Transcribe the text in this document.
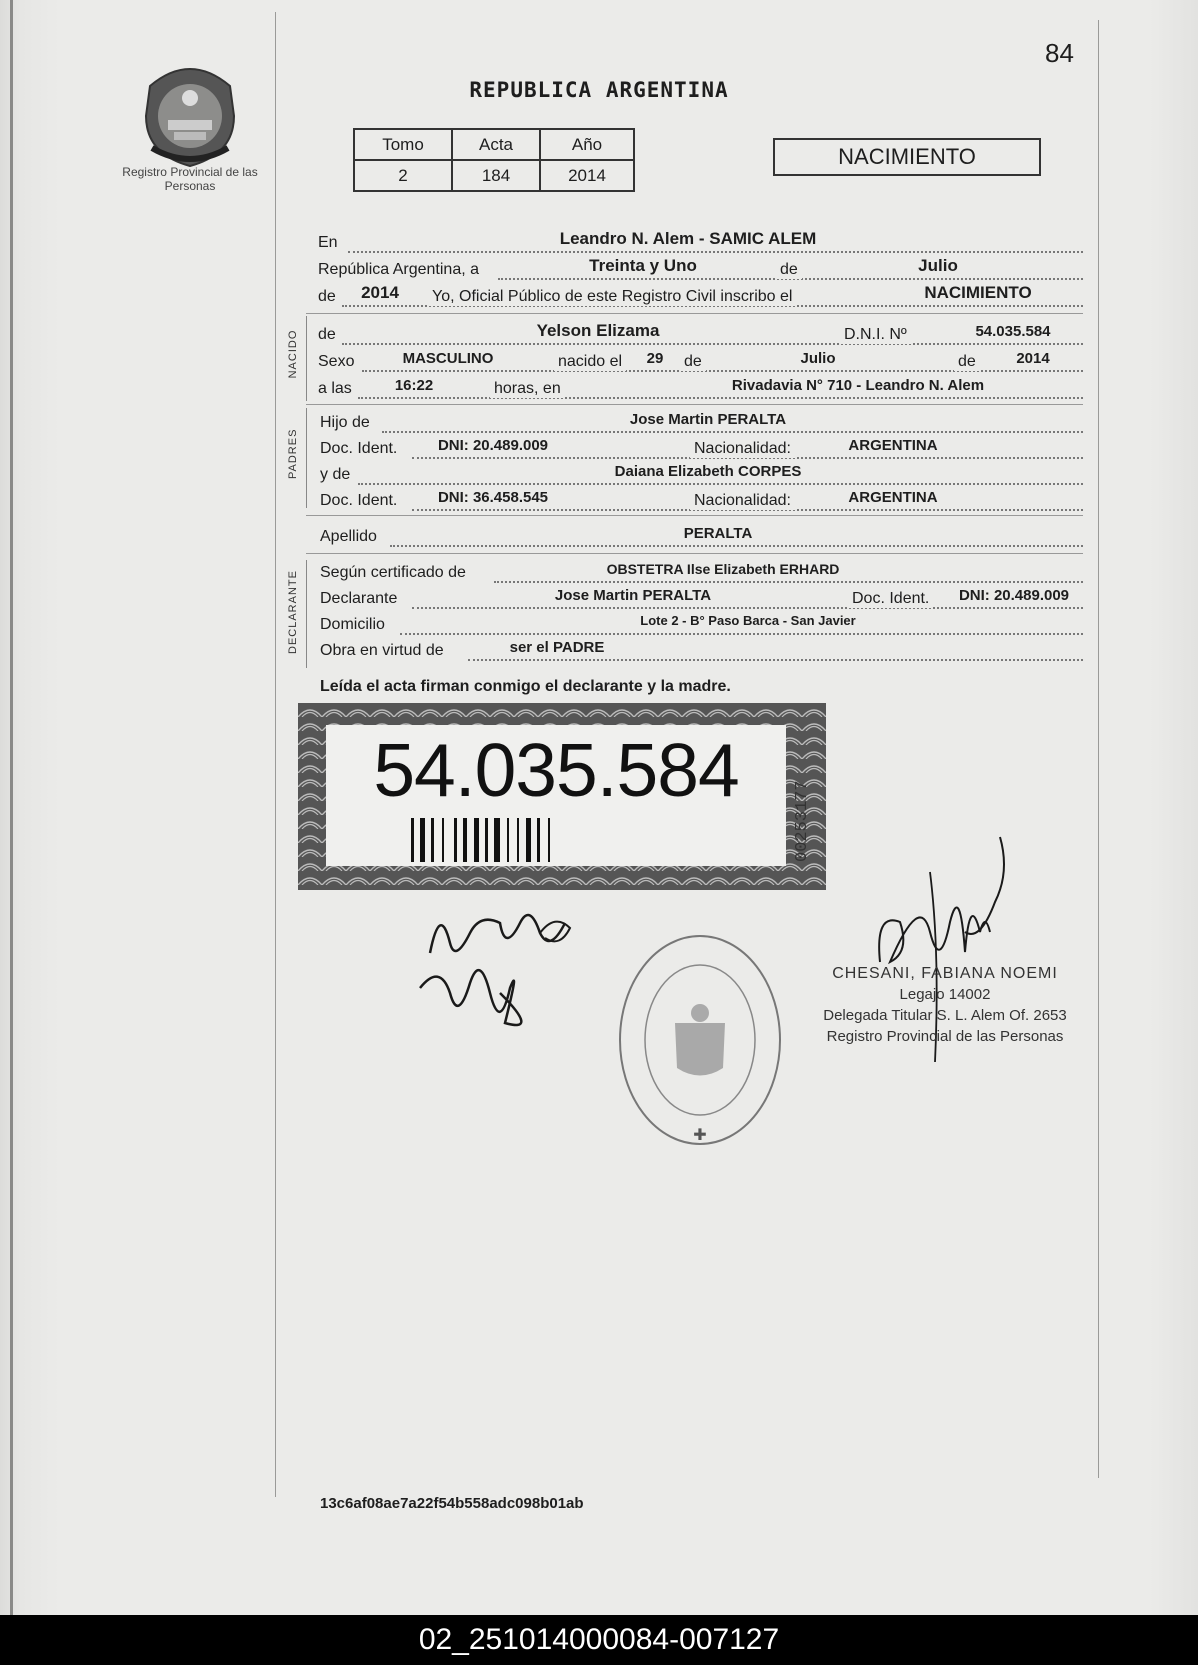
84
REPUBLICA ARGENTINA
Registro Provincial de las Personas
Tomo	Acta	Año
2	184	2014
NACIMIENTO
En	Leandro N. Alem - SAMIC ALEM
República Argentina, a	Treinta y Uno	de	Julio
de	2014	Yo, Oficial Público de este Registro Civil inscribo el	NACIMIENTO
NACIDO de	Yelson Elizama	D.N.I. Nº	54.035.584
Sexo	MASCULINO	nacido el	29	de	Julio	de	2014
a las	16:22	horas, en	Rivadavia N° 710 - Leandro N. Alem
PADRES
Hijo de	Jose Martin PERALTA
Doc. Ident.	DNI: 20.489.009	Nacionalidad:	ARGENTINA
y de	Daiana Elizabeth CORPES
Doc. Ident.	DNI: 36.458.545	Nacionalidad:	ARGENTINA
Apellido	PERALTA
DECLARANTE Según certificado de	OBSTETRA Ilse Elizabeth ERHARD
Declarante	Jose Martin PERALTA	Doc. Ident.	DNI: 20.489.009
Domicilio	Lote 2 - B° Paso Barca - San Javier
Obra en virtud de	ser el PADRE
Leída el acta firman conmigo el declarante y la madre.
54.035.584
00253177
✚
CHESANI, FABIANA NOEMI
Legajo 14002
Delegada Titular S. L. Alem Of. 2653
Registro Provincial de las Personas
13c6af08ae7a22f54b558adc098b01ab
02_251014000084-007127
